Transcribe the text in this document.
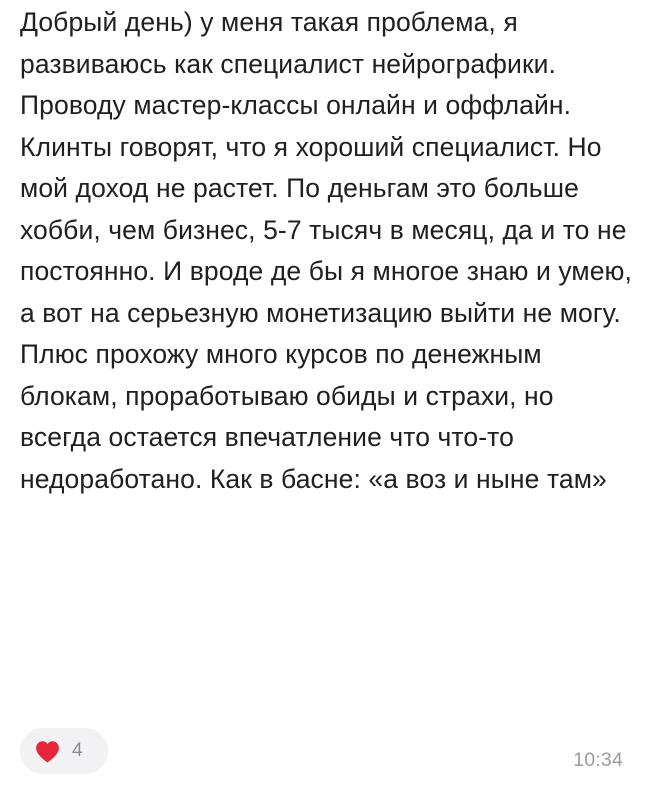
Добрый день) у меня такая проблема, я развиваюсь как специалист нейрографики. Проводу мастер-классы онлайн и оффлайн. Клинты говорят, что я хороший специалист. Но мой доход не растет. По деньгам это больше хобби, чем бизнес, 5-7 тысяч в месяц, да и то не постоянно. И вроде де бы я многое знаю и умею, а вот на серьезную монетизацию выйти не могу. Плюс прохожу много курсов по денежным блокам, проработываю обиды и страхи, но всегда остается впечатление что что-то недоработано. Как в басне: «а воз и ныне там»

4	10:34
